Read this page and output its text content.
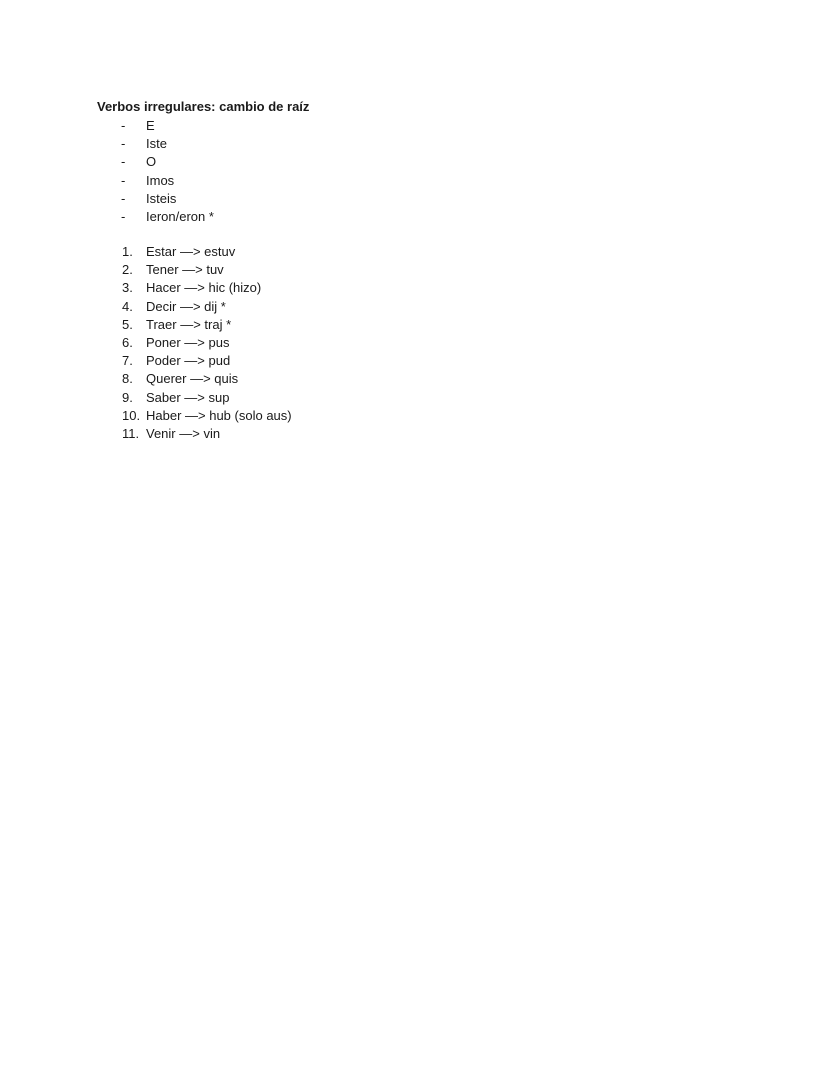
Verbos irregulares: cambio de raíz
- E
- Iste
- O
- Imos
- Isteis
- Ieron/eron *
1. Estar —> estuv
2. Tener —> tuv
3. Hacer —> hic (hizo)
4. Decir —> dij *
5. Traer —> traj *
6. Poner —> pus
7. Poder —> pud
8. Querer —> quis
9. Saber —> sup
10. Haber —> hub (solo aus)
11. Venir —> vin
